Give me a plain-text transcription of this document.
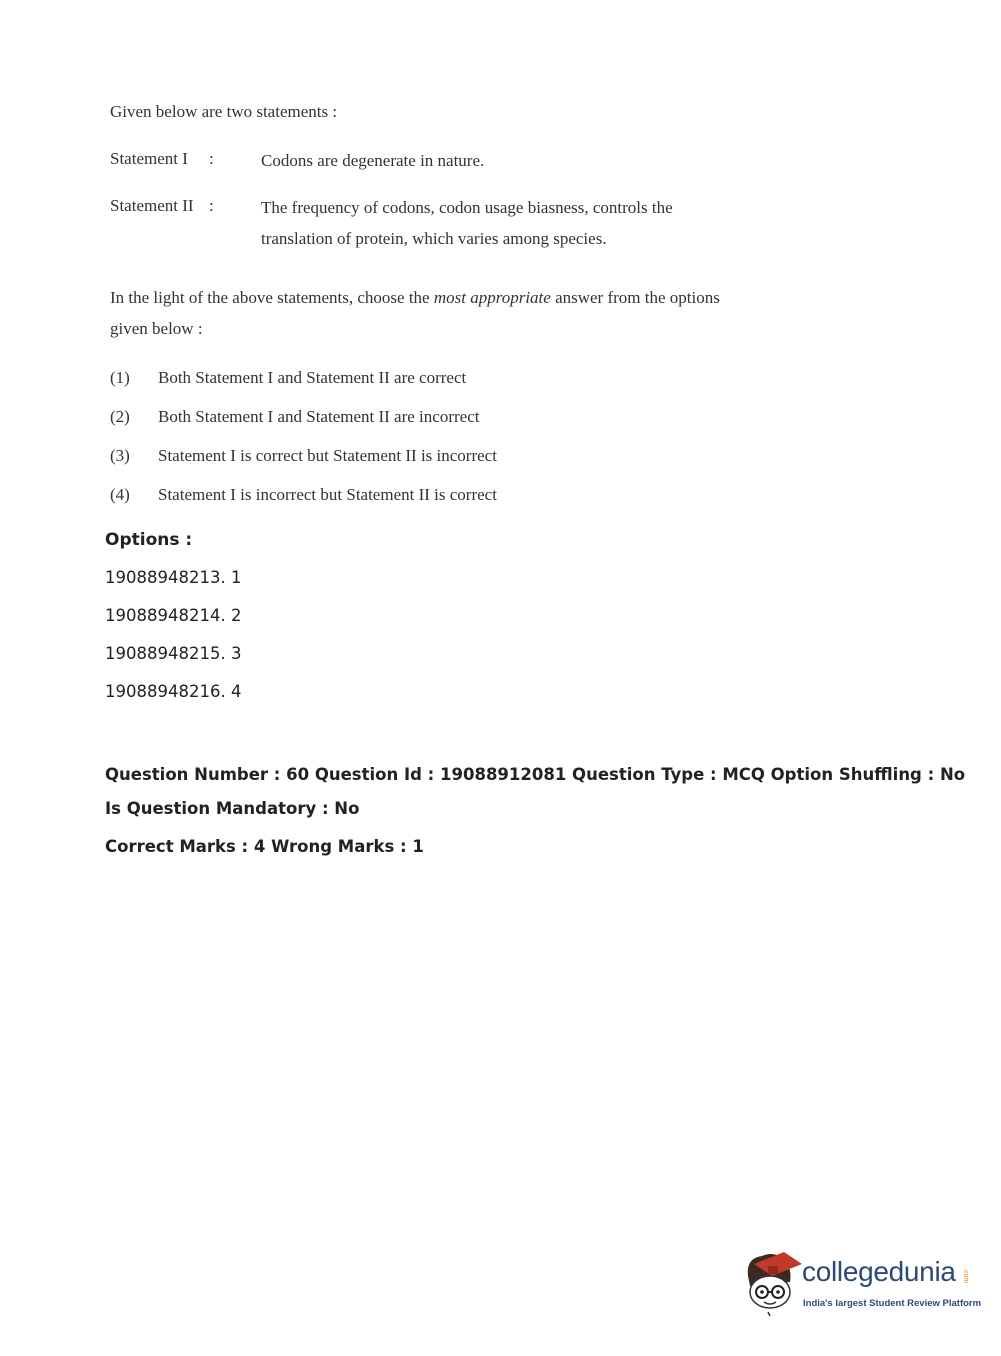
Given below are two statements :
Statement I :	Codons are degenerate in nature.
Statement II :	The frequency of codons, codon usage biasness, controls the
translation of protein, which varies among species.
In the light of the above statements, choose the most appropriate answer from the options
given below :
(1) Both Statement I and Statement II are correct
(2) Both Statement I and Statement II are incorrect
(3) Statement I is correct but Statement II is incorrect
(4) Statement I is incorrect but Statement II is correct
Options :
19088948213. 1
19088948214. 2
19088948215. 3
19088948216. 4
Question Number : 60 Question Id : 19088912081 Question Type : MCQ Option Shuffling : No
Is Question Mandatory : No
Correct Marks : 4 Wrong Marks : 1
collegedunia .com
India's largest Student Review Platform
